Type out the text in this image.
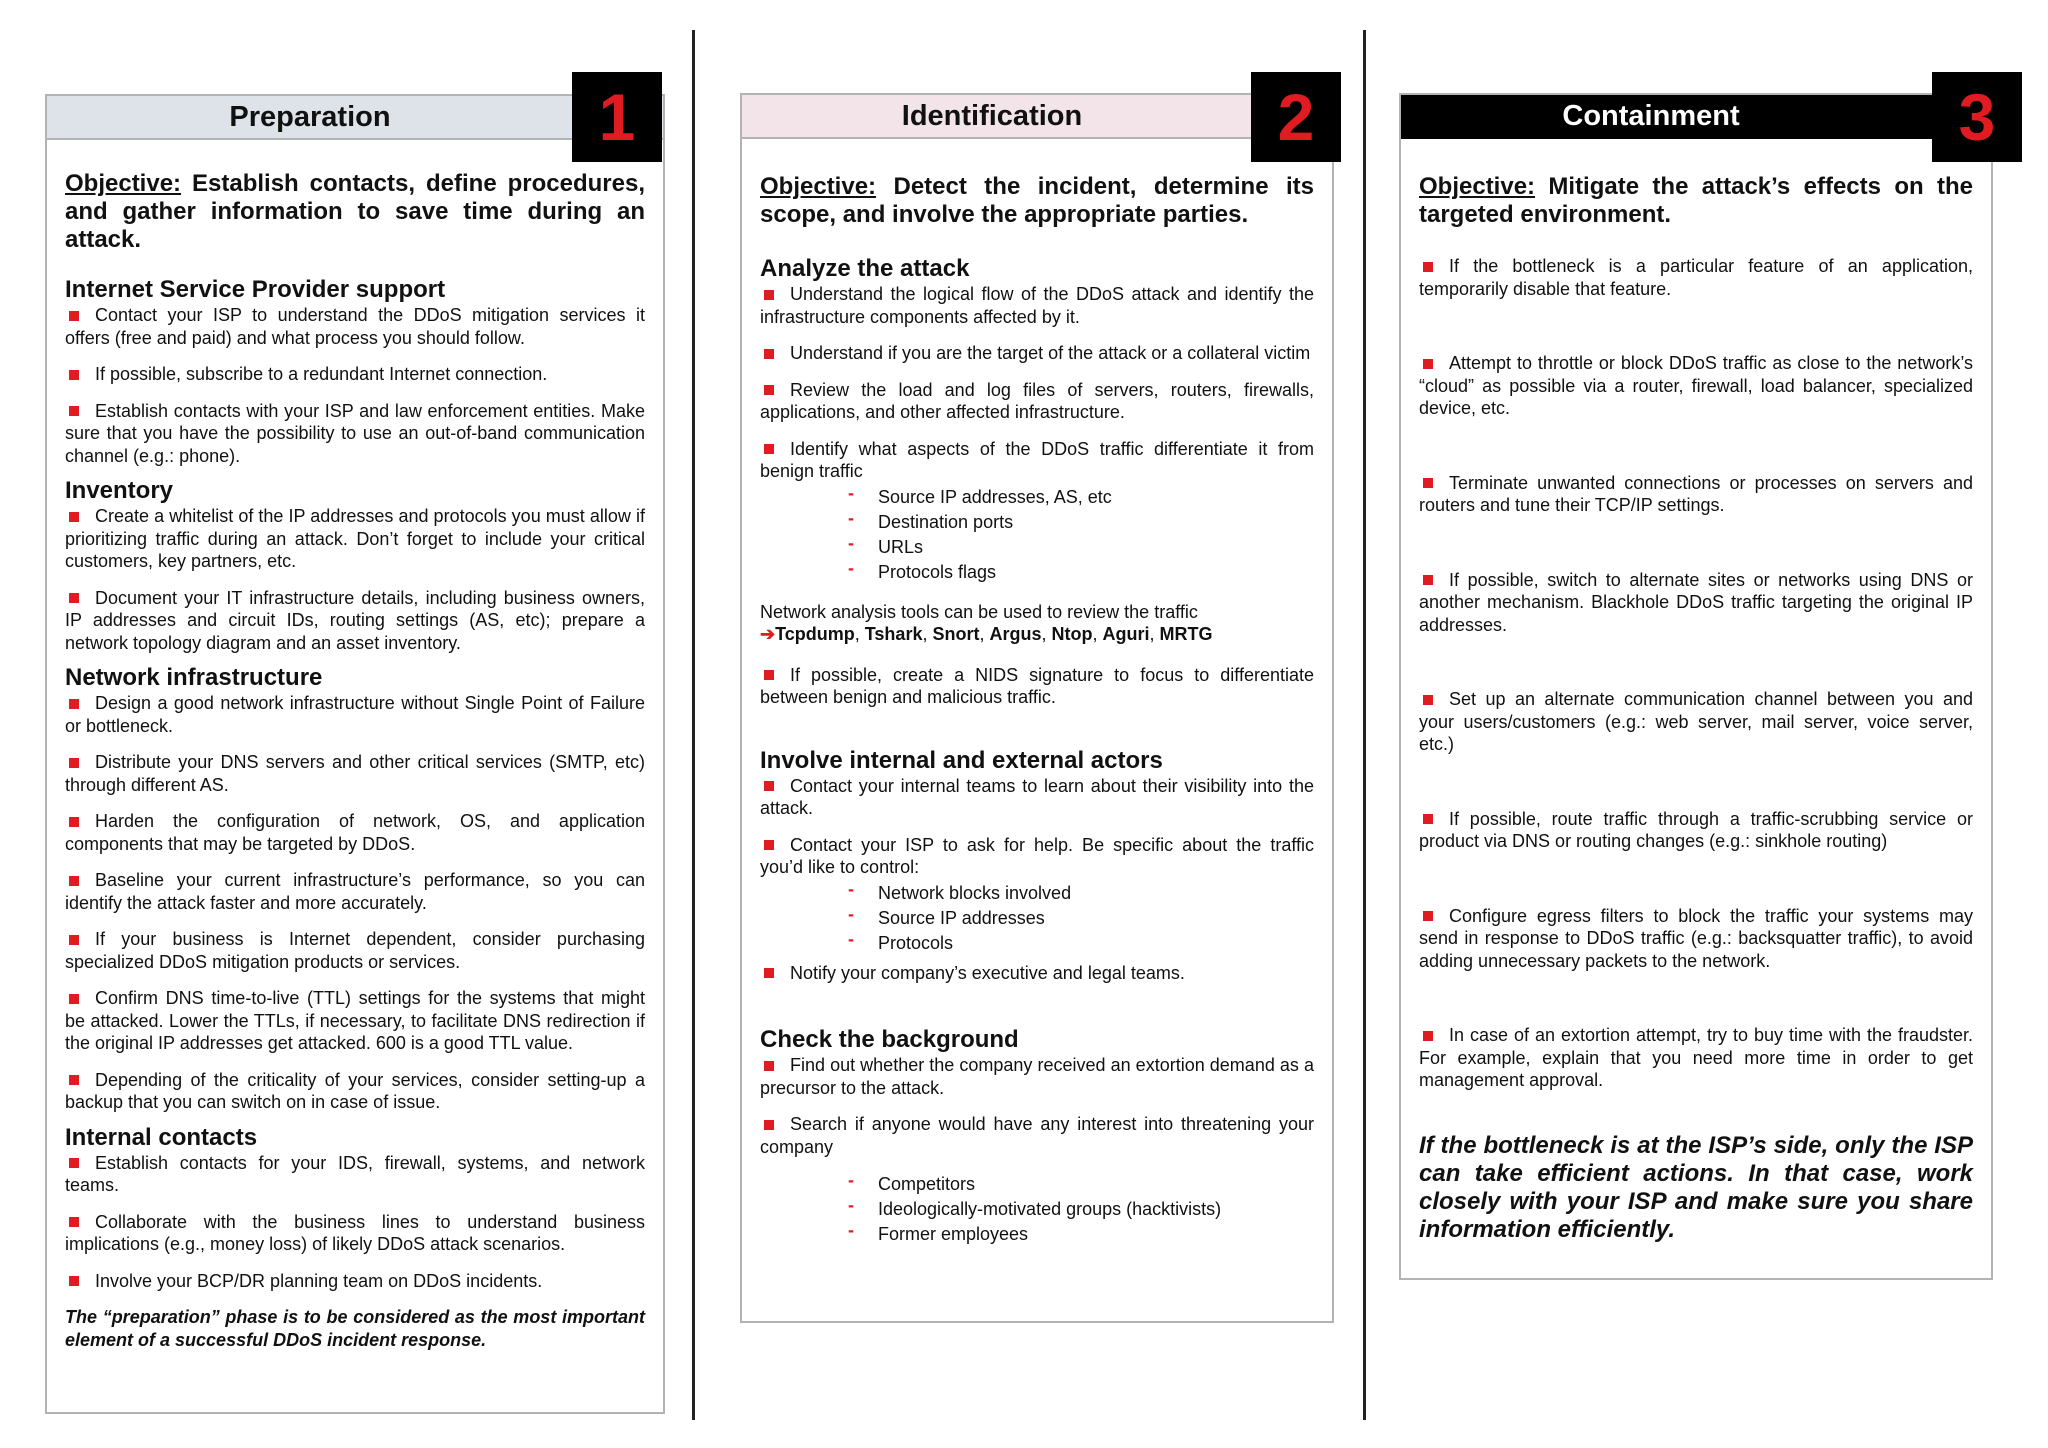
Preparation

Objective: Establish contacts, define procedures, and gather information to save time during an attack.

Internet Service Provider support

Contact your ISP to understand the DDoS mitigation services it offers (free and paid) and what process you should follow.

If possible, subscribe to a redundant Internet connection.

Establish contacts with your ISP and law enforcement entities. Make sure that you have the possibility to use an out-of-band communication channel (e.g.: phone).

Inventory

Create a whitelist of the IP addresses and protocols you must allow if prioritizing traffic during an attack. Don’t forget to include your critical customers, key partners, etc.

Document your IT infrastructure details, including business owners, IP addresses and circuit IDs, routing settings (AS, etc); prepare a network topology diagram and an asset inventory.

Network infrastructure

Design a good network infrastructure without Single Point of Failure or bottleneck.

Distribute your DNS servers and other critical services (SMTP, etc) through different AS.

Harden the configuration of network, OS, and application components that may be targeted by DDoS.

Baseline your current infrastructure’s performance, so you can identify the attack faster and more accurately.

If your business is Internet dependent, consider purchasing specialized DDoS mitigation products or services.

Confirm DNS time-to-live (TTL) settings for the systems that might be attacked. Lower the TTLs, if necessary, to facilitate DNS redirection if the original IP addresses get attacked. 600 is a good TTL value.

Depending of the criticality of your services, consider setting-up a backup that you can switch on in case of issue.

Internal contacts

Establish contacts for your IDS, firewall, systems, and network teams.

Collaborate with the business lines to understand business implications (e.g., money loss) of likely DDoS attack scenarios.

Involve your BCP/DR planning team on DDoS incidents.

The “preparation” phase is to be considered as the most important element of a successful DDoS incident response.

1	Identification

Objective: Detect the incident, determine its scope, and involve the appropriate parties.

Analyze the attack

Understand the logical flow of the DDoS attack and identify the infrastructure components affected by it.

Understand if you are the target of the attack or a collateral victim

Review the load and log files of servers, routers, firewalls, applications, and other affected infrastructure.

Identify what aspects of the DDoS traffic differentiate it from benign traffic

- Source IP addresses, AS, etc
- Destination ports
- URLs
- Protocols flags
Network analysis tools can be used to review the traffic
➔Tcpdump, Tshark, Snort, Argus, Ntop, Aguri, MRTG

If possible, create a NIDS signature to focus to differentiate between benign and malicious traffic.

Involve internal and external actors

Contact your internal teams to learn about their visibility into the attack.

Contact your ISP to ask for help. Be specific about the traffic you’d like to control:

- Network blocks involved
- Source IP addresses
- Protocols

Notify your company’s executive and legal teams.

Check the background

Find out whether the company received an extortion demand as a precursor to the attack.

Search if anyone would have any interest into threatening your company

- Competitors
- Ideologically-motivated groups (hacktivists)
- Former employees
2	Containment

Objective: Mitigate the attack’s effects on the targeted environment.

If the bottleneck is a particular feature of an application, temporarily disable that feature.

Attempt to throttle or block DDoS traffic as close to the network’s “cloud” as possible via a router, firewall, load balancer, specialized device, etc.

Terminate unwanted connections or processes on servers and routers and tune their TCP/IP settings.

If possible, switch to alternate sites or networks using DNS or another mechanism. Blackhole DDoS traffic targeting the original IP addresses.

Set up an alternate communication channel between you and your users/customers (e.g.: web server, mail server, voice server, etc.)

If possible, route traffic through a traffic-scrubbing service or product via DNS or routing changes (e.g.: sinkhole routing)

Configure egress filters to block the traffic your systems may send in response to DDoS traffic (e.g.: backsquatter traffic), to avoid adding unnecessary packets to the network.

In case of an extortion attempt, try to buy time with the fraudster. For example, explain that you need more time in order to get management approval.

If the bottleneck is at the ISP’s side, only the ISP can take efficient actions. In that case, work closely with your ISP and make sure you share information efficiently.

3
